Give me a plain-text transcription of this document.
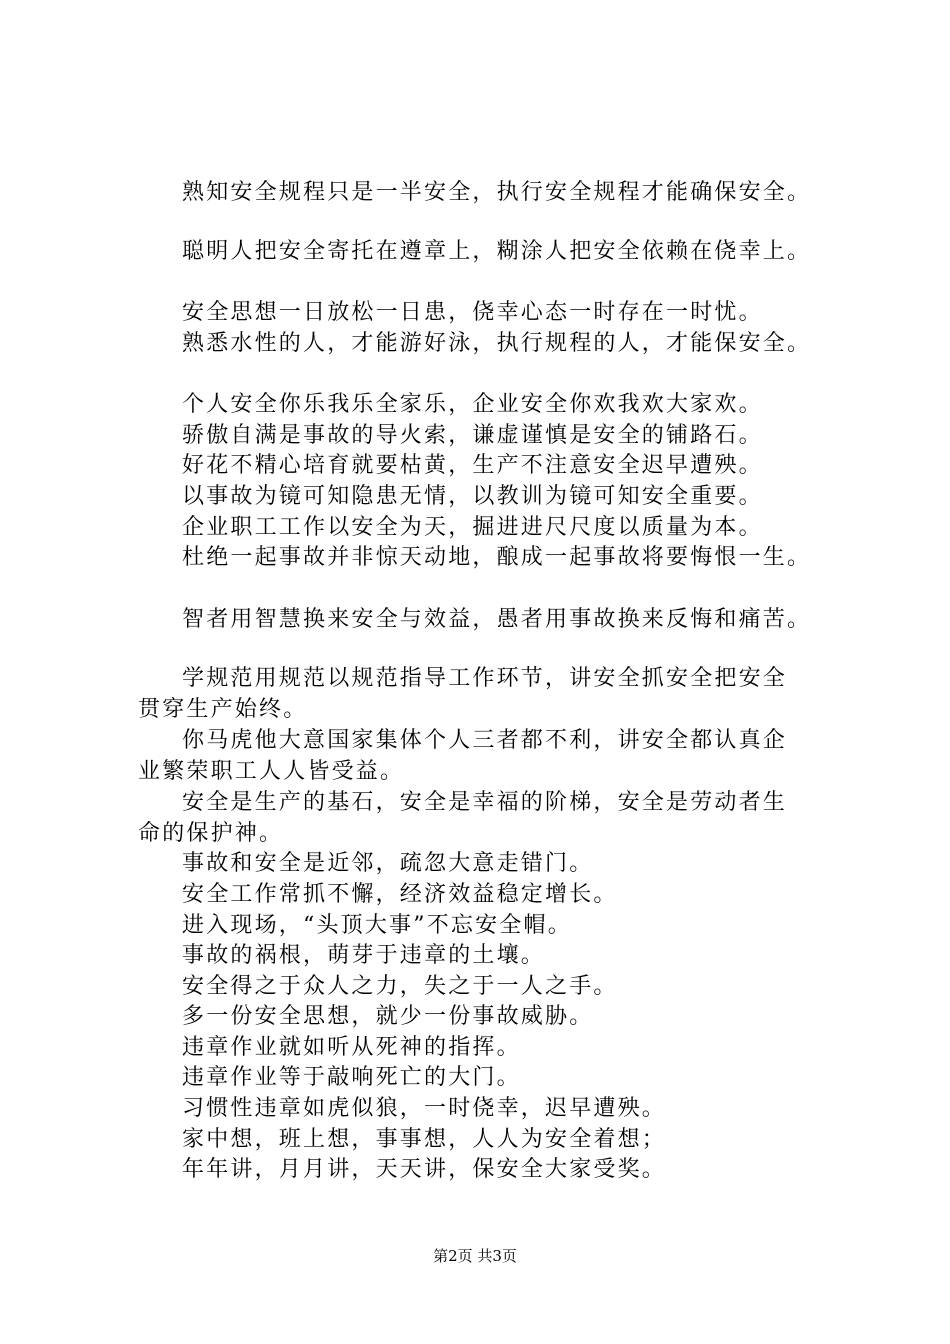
熟知安全规程只是一半安全，执行安全规程才能确保安全。
聪明人把安全寄托在遵章上，糊涂人把安全依赖在侥幸上。
安全思想一日放松一日患，侥幸心态一时存在一时忧。
熟悉水性的人，才能游好泳，执行规程的人，才能保安全。
个人安全你乐我乐全家乐，企业安全你欢我欢大家欢。
骄傲自满是事故的导火索，谦虚谨慎是安全的铺路石。
好花不精心培育就要枯黄，生产不注意安全迟早遭殃。
以事故为镜可知隐患无情，以教训为镜可知安全重要。
企业职工工作以安全为天，掘进进尺尺度以质量为本。
杜绝一起事故并非惊天动地，酿成一起事故将要悔恨一生。
智者用智慧换来安全与效益，愚者用事故换来反悔和痛苦。
学规范用规范以规范指导工作环节，讲安全抓安全把安全
贯穿生产始终。
你马虎他大意国家集体个人三者都不利，讲安全都认真企
业繁荣职工人人皆受益。
安全是生产的基石，安全是幸福的阶梯，安全是劳动者生
命的保护神。
事故和安全是近邻，疏忽大意走错门。
安全工作常抓不懈，经济效益稳定增长。
进入现场，“头顶大事”不忘安全帽。
事故的祸根，萌芽于违章的土壤。
安全得之于众人之力，失之于一人之手。
多一份安全思想，就少一份事故威胁。
违章作业就如听从死神的指挥。
违章作业等于敲响死亡的大门。
习惯性违章如虎似狼，一时侥幸，迟早遭殃。
家中想，班上想，事事想，人人为安全着想；
年年讲，月月讲，天天讲，保安全大家受奖。
第2页 共3页
